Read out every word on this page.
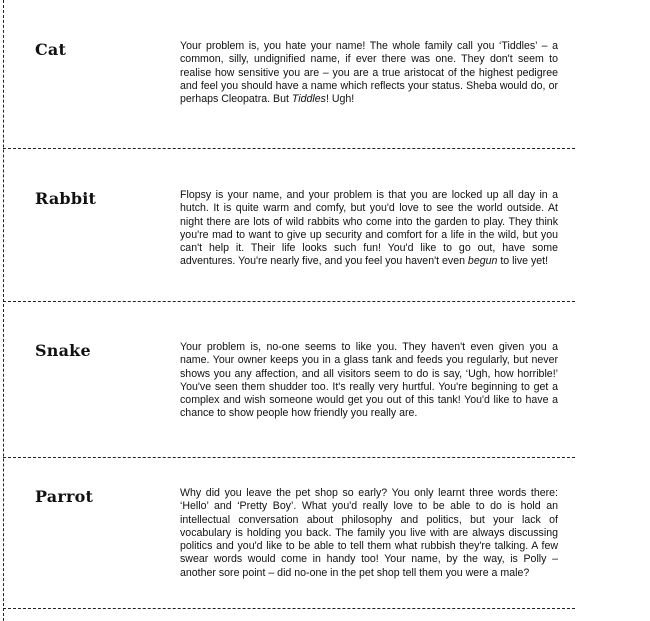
Cat	Your problem is, you hate your name! The whole family call you ‘Tiddles’ – a common, silly, undignified name, if ever there was one. They don't seem to realise how sensitive you are – you are a true aristocat of the highest pedigree and feel you should have a name which reflects your status. Sheba would do, or perhaps Cleopatra. But Tiddles! Ugh!
Rabbit	Flopsy is your name, and your problem is that you are locked up all day in a hutch. It is quite warm and comfy, but you'd love to see the world outside. At night there are lots of wild rabbits who come into the garden to play. They think you're mad to want to give up security and comfort for a life in the wild, but you can't help it. Their life looks such fun! You'd like to go out, have some adventures. You're nearly five, and you feel you haven't even begun to live yet!
Snake	Your problem is, no-one seems to like you. They haven't even given you a name. Your owner keeps you in a glass tank and feeds you regularly, but never shows you any affection, and all visitors seem to do is say, ‘Ugh, how horrible!’ You've seen them shudder too. It's really very hurtful. You're beginning to get a complex and wish someone would get you out of this tank! You'd like to have a chance to show people how friendly you really are.
Parrot	Why did you leave the pet shop so early? You only learnt three words there: ‘Hello’ and ‘Pretty Boy’. What you'd really love to be able to do is hold an intellectual conversation about philosophy and politics, but your lack of vocabulary is holding you back. The family you live with are always discussing politics and you'd like to be able to tell them what rubbish they're talking. A few swear words would come in handy too! Your name, by the way, is Polly – another sore point – did no-one in the pet shop tell them you were a male?
